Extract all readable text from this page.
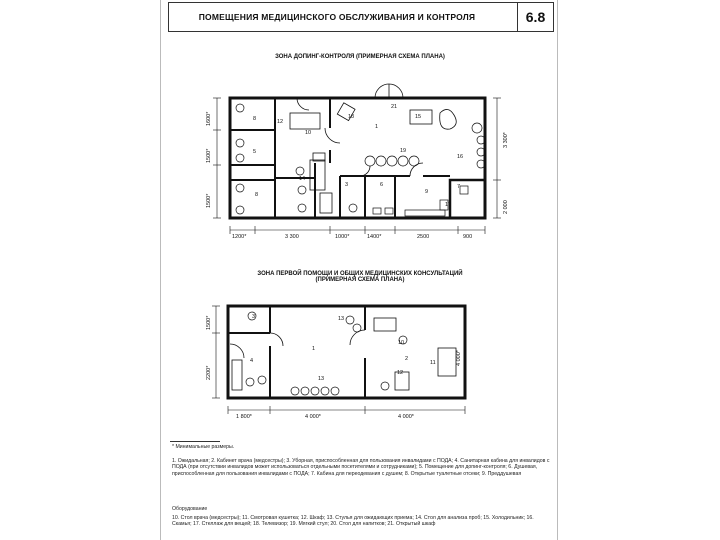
ПОМЕЩЕНИЯ МЕДИЦИНСКОГО ОБСЛУЖИВАНИЯ И КОНТРОЛЯ	6.8
ЗОНА ДОПИНГ-КОНТРОЛЯ (ПРИМЕРНАЯ СХЕМА ПЛАНА)
1200*	3 300	1000*	1400*	2500	900
1600*
1500*
1500*
3 300*
2 000
5
8
8
1
3	6
9
7
10
12
14
15
16
17
18
19
21
ЗОНА ПЕРВОЙ ПОМОЩИ И ОБЩИХ МЕДИЦИНСКИХ КОНСУЛЬТАЦИЙ
(ПРИМЕРНАЯ СХЕМА ПЛАНА)
1 800*	4 000*	4 000*
1500*
2200*
4 000*
1
2
3
4
10
11
12
13
13
* Минимальные размеры.
1. Ожидальная; 2. Кабинет врача (медсестры); 3. Уборная, приспособленная для пользования инвалидами с ПОДА; 4. Санитарная кабина для инвалидов с ПОДА (при отсутствии инвалидов может использоваться отдельными посетителями и сотрудниками); 5. Помещение для допинг-контроля; 6. Душевая, приспособленная для пользования инвалидами с ПОДА; 7. Кабина для переодевания с душем; 8. Открытые туалетные отсеки; 9. Преддушевая
Оборудование
10. Стол врача (медсестры); 11. Смотровая кушетка; 12. Шкаф; 13. Стулья для ожидающих приема; 14. Стол для анализа проб; 15. Холодильник; 16. Скамья; 17. Стеллаж для вещей; 18. Телевизор; 19. Мягкий стул; 20. Стол для напитков; 21. Открытый шкаф
